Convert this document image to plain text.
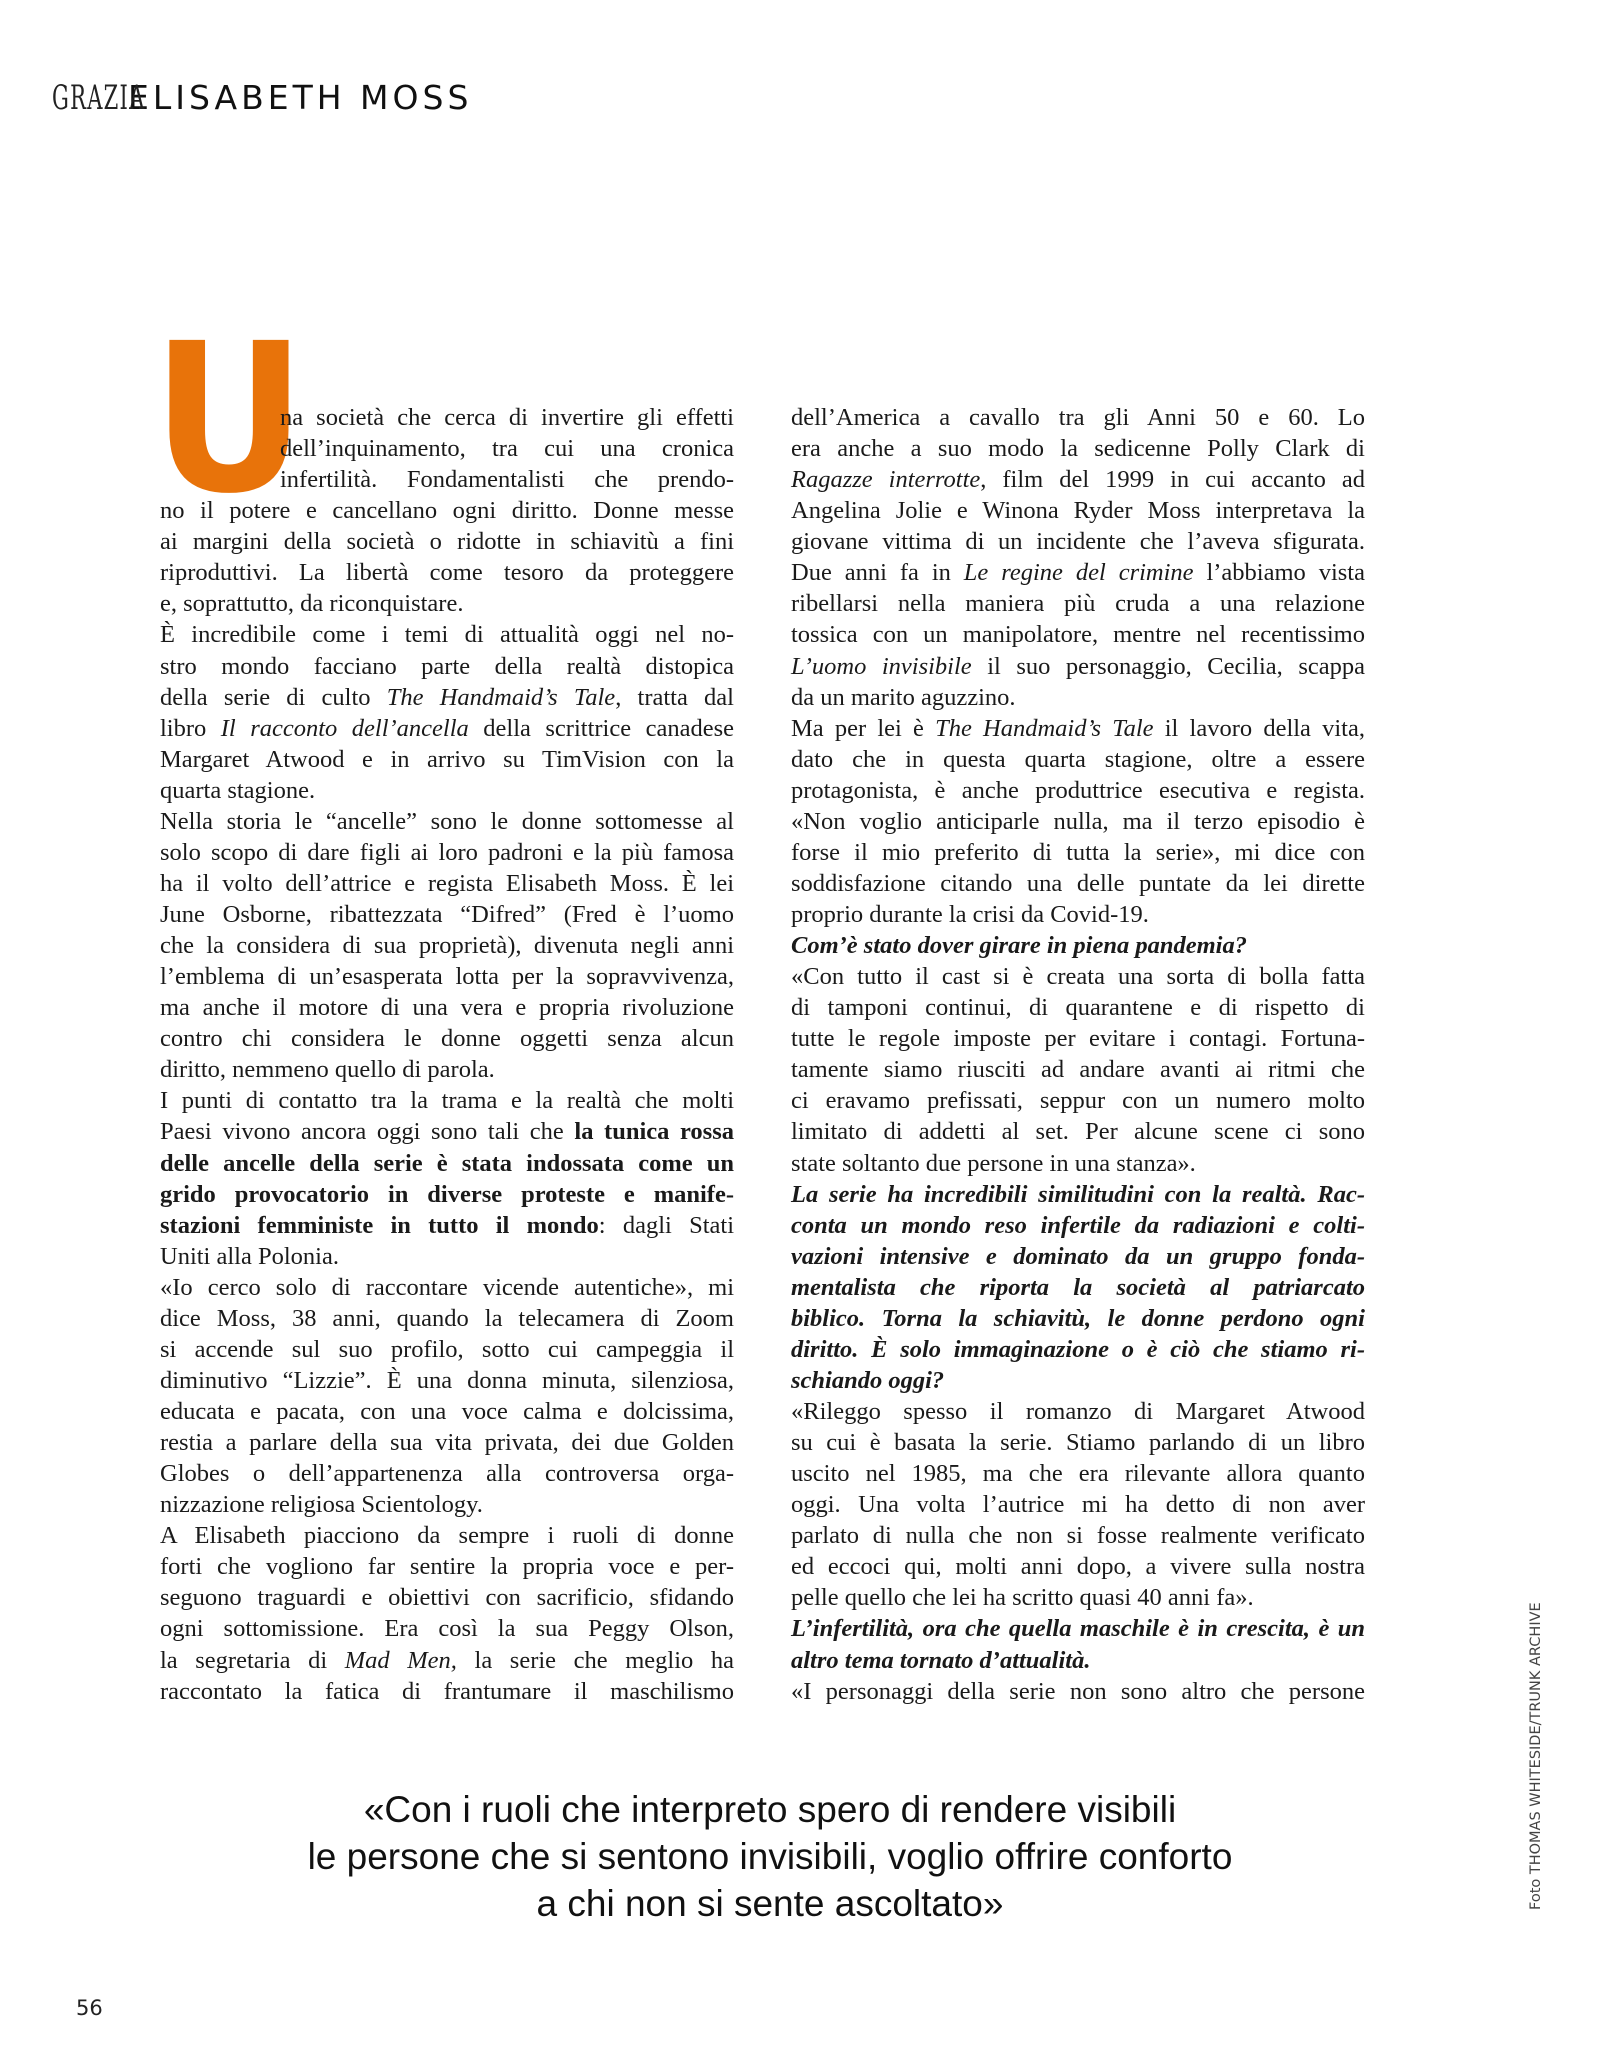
GRAZIA ELISABETH MOSS
U
na società che cerca di invertire gli effetti
dell’inquinamento, tra cui una cronica
infertilità. Fondamentalisti che prendo-
no il potere e cancellano ogni diritto. Donne messe
ai margini della società o ridotte in schiavitù a fini
riproduttivi. La libertà come tesoro da proteggere
e, soprattutto, da riconquistare.
È incredibile come i temi di attualità oggi nel no-
stro mondo facciano parte della realtà distopica
della serie di culto The Handmaid’s Tale, tratta dal
libro Il racconto dell’ancella della scrittrice canadese
Margaret Atwood e in arrivo su TimVision con la
quarta stagione.
Nella storia le “ancelle” sono le donne sottomesse al
solo scopo di dare figli ai loro padroni e la più famosa
ha il volto dell’attrice e regista Elisabeth Moss. È lei
June Osborne, ribattezzata “Difred” (Fred è l’uomo
che la considera di sua proprietà), divenuta negli anni
l’emblema di un’esasperata lotta per la sopravvivenza,
ma anche il motore di una vera e propria rivoluzione
contro chi considera le donne oggetti senza alcun
diritto, nemmeno quello di parola.
I punti di contatto tra la trama e la realtà che molti
Paesi vivono ancora oggi sono tali che la tunica rossa
delle ancelle della serie è stata indossata come un
grido provocatorio in diverse proteste e manife-
stazioni femministe in tutto il mondo: dagli Stati
Uniti alla Polonia.
«Io cerco solo di raccontare vicende autentiche», mi
dice Moss, 38 anni, quando la telecamera di Zoom
si accende sul suo profilo, sotto cui campeggia il
diminutivo “Lizzie”. È una donna minuta, silenziosa,
educata e pacata, con una voce calma e dolcissima,
restia a parlare della sua vita privata, dei due Golden
Globes o dell’appartenenza alla controversa orga-
nizzazione religiosa Scientology.
A Elisabeth piacciono da sempre i ruoli di donne
forti che vogliono far sentire la propria voce e per-
seguono traguardi e obiettivi con sacrificio, sfidando
ogni sottomissione. Era così la sua Peggy Olson,
la segretaria di Mad Men, la serie che meglio ha
raccontato la fatica di frantumare il maschilismo
dell’America a cavallo tra gli Anni 50 e 60. Lo
era anche a suo modo la sedicenne Polly Clark di
Ragazze interrotte, film del 1999 in cui accanto ad
Angelina Jolie e Winona Ryder Moss interpretava la
giovane vittima di un incidente che l’aveva sfigurata.
Due anni fa in Le regine del crimine l’abbiamo vista
ribellarsi nella maniera più cruda a una relazione
tossica con un manipolatore, mentre nel recentissimo
L’uomo invisibile il suo personaggio, Cecilia, scappa
da un marito aguzzino.
Ma per lei è The Handmaid’s Tale il lavoro della vita,
dato che in questa quarta stagione, oltre a essere
protagonista, è anche produttrice esecutiva e regista.
«Non voglio anticiparle nulla, ma il terzo episodio è
forse il mio preferito di tutta la serie», mi dice con
soddisfazione citando una delle puntate da lei dirette
proprio durante la crisi da Covid-19.
Com’è stato dover girare in piena pandemia?
«Con tutto il cast si è creata una sorta di bolla fatta
di tamponi continui, di quarantene e di rispetto di
tutte le regole imposte per evitare i contagi. Fortuna-
tamente siamo riusciti ad andare avanti ai ritmi che
ci eravamo prefissati, seppur con un numero molto
limitato di addetti al set. Per alcune scene ci sono
state soltanto due persone in una stanza».
La serie ha incredibili similitudini con la realtà. Rac-
conta un mondo reso infertile da radiazioni e colti-
vazioni intensive e dominato da un gruppo fonda-
mentalista che riporta la società al patriarcato
biblico. Torna la schiavitù, le donne perdono ogni
diritto. È solo immaginazione o è ciò che stiamo ri-
schiando oggi?
«Rileggo spesso il romanzo di Margaret Atwood
su cui è basata la serie. Stiamo parlando di un libro
uscito nel 1985, ma che era rilevante allora quanto
oggi. Una volta l’autrice mi ha detto di non aver
parlato di nulla che non si fosse realmente verificato
ed eccoci qui, molti anni dopo, a vivere sulla nostra
pelle quello che lei ha scritto quasi 40 anni fa».
L’infertilità, ora che quella maschile è in crescita, è un
altro tema tornato d’attualità.
«I personaggi della serie non sono altro che persone
«Con i ruoli che interpreto spero di rendere visibili
le persone che si sentono invisibili, voglio offrire conforto
a chi non si sente ascoltato»	Foto THOMAS WHITESIDE/TRUNK ARCHIVE
56
